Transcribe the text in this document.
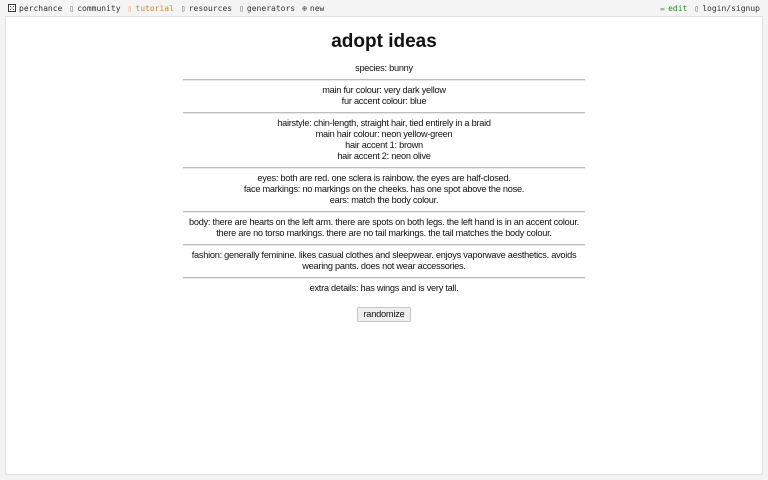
perchance ▯ community ▯ tutorial ▯ resources ▯ generators ⊕ new	✏ edit ▯ login/signup
adopt ideas
species: bunny
main fur colour: very dark yellow
fur accent colour: blue
hairstyle: chin-length, straight hair, tied entirely in a braid
main hair colour: neon yellow-green
hair accent 1: brown
hair accent 2: neon olive
eyes: both are red. one sclera is rainbow. the eyes are half-closed.
face markings: no markings on the cheeks. has one spot above the nose.
ears: match the body colour.
body: there are hearts on the left arm. there are spots on both legs. the left hand is in an accent colour. there are no torso markings. there are no tail markings. the tail matches the body colour.
fashion: generally feminine. likes casual clothes and sleepwear. enjoys vaporwave aesthetics. avoids wearing pants. does not wear accessories.
extra details: has wings and is very tall.
randomize
